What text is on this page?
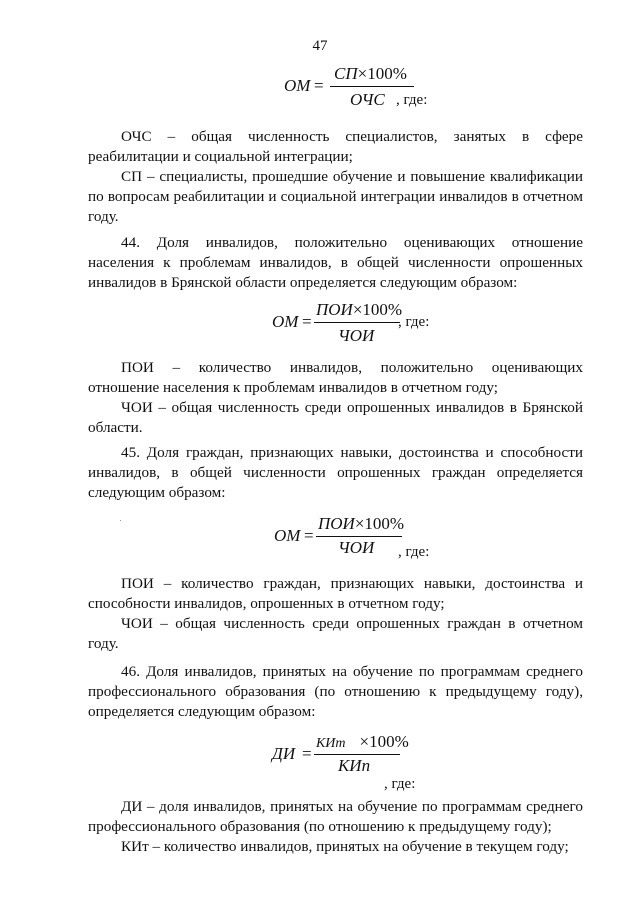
47
ОМ =
СП×100%
ОЧС , где:

ОЧС – общая численность специалистов, занятых в сфере реабилитации и социальной интеграции;

СП – специалисты, прошедшие обучение и повышение квалификации по вопросам реабилитации и социальной интеграции инвалидов в отчетном году.

44. Доля инвалидов, положительно оценивающих отношение населения к проблемам инвалидов, в общей численности опрошенных инвалидов в Брянской области определяется следующим образом:

ОМ =
ПОИ×100%
ЧОИ
, где:

ПОИ – количество инвалидов, положительно оценивающих отношение населения к проблемам инвалидов в отчетном году;

ЧОИ – общая численность среди опрошенных инвалидов в Брянской области.

45. Доля граждан, признающих навыки, достоинства и способности инвалидов, в общей численности опрошенных граждан определяется следующим образом:

ОМ =
ПОИ×100%
ЧОИ , где:

ПОИ – количество граждан, признающих навыки, достоинства и способности инвалидов, опрошенных в отчетном году;

ЧОИ – общая численность среди опрошенных граждан в отчетном году.

46. Доля инвалидов, принятых на обучение по программам среднего профессионального образования (по отношению к предыдущему году), определяется следующим образом:

ДИ =
КИт ×100%
КИп
, где:

ДИ – доля инвалидов, принятых на обучение по программам среднего профессионального образования (по отношению к предыдущему году);

КИт – количество инвалидов, принятых на обучение в текущем году;
